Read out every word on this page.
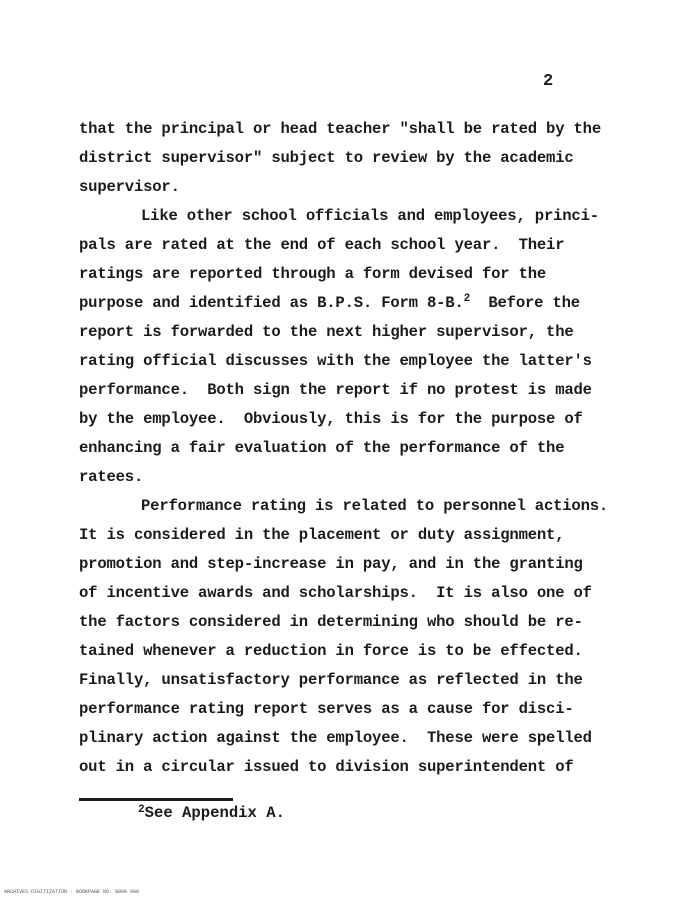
2
that the principal or head teacher "shall be rated by the
district supervisor" subject to review by the academic
supervisor.
Like other school officials and employees, princi-
pals are rated at the end of each school year.  Their
ratings are reported through a form devised for the
purpose and identified as B.P.S. Form 8-B.$^2$  Before the
report is forwarded to the next higher supervisor, the
rating official discusses with the employee the latter's
performance.  Both sign the report if no protest is made
by the employee.  Obviously, this is for the purpose of
enhancing a fair evaluation of the performance of the
ratees.
Performance rating is related to personnel actions.
It is considered in the placement or duty assignment,
promotion and step-increase in pay, and in the granting
of incentive awards and scholarships.  It is also one of
the factors considered in determining who should be re-
tained whenever a reduction in force is to be effected.
Finally, unsatisfactory performance as reflected in the
performance rating report serves as a cause for disci-
plinary action against the employee.  These were spelled
out in a circular issued to division superintendent of
$^2$See Appendix A.
ARCHIVES DIGITIZATION - BOOKPAGE NO. 0000 000
